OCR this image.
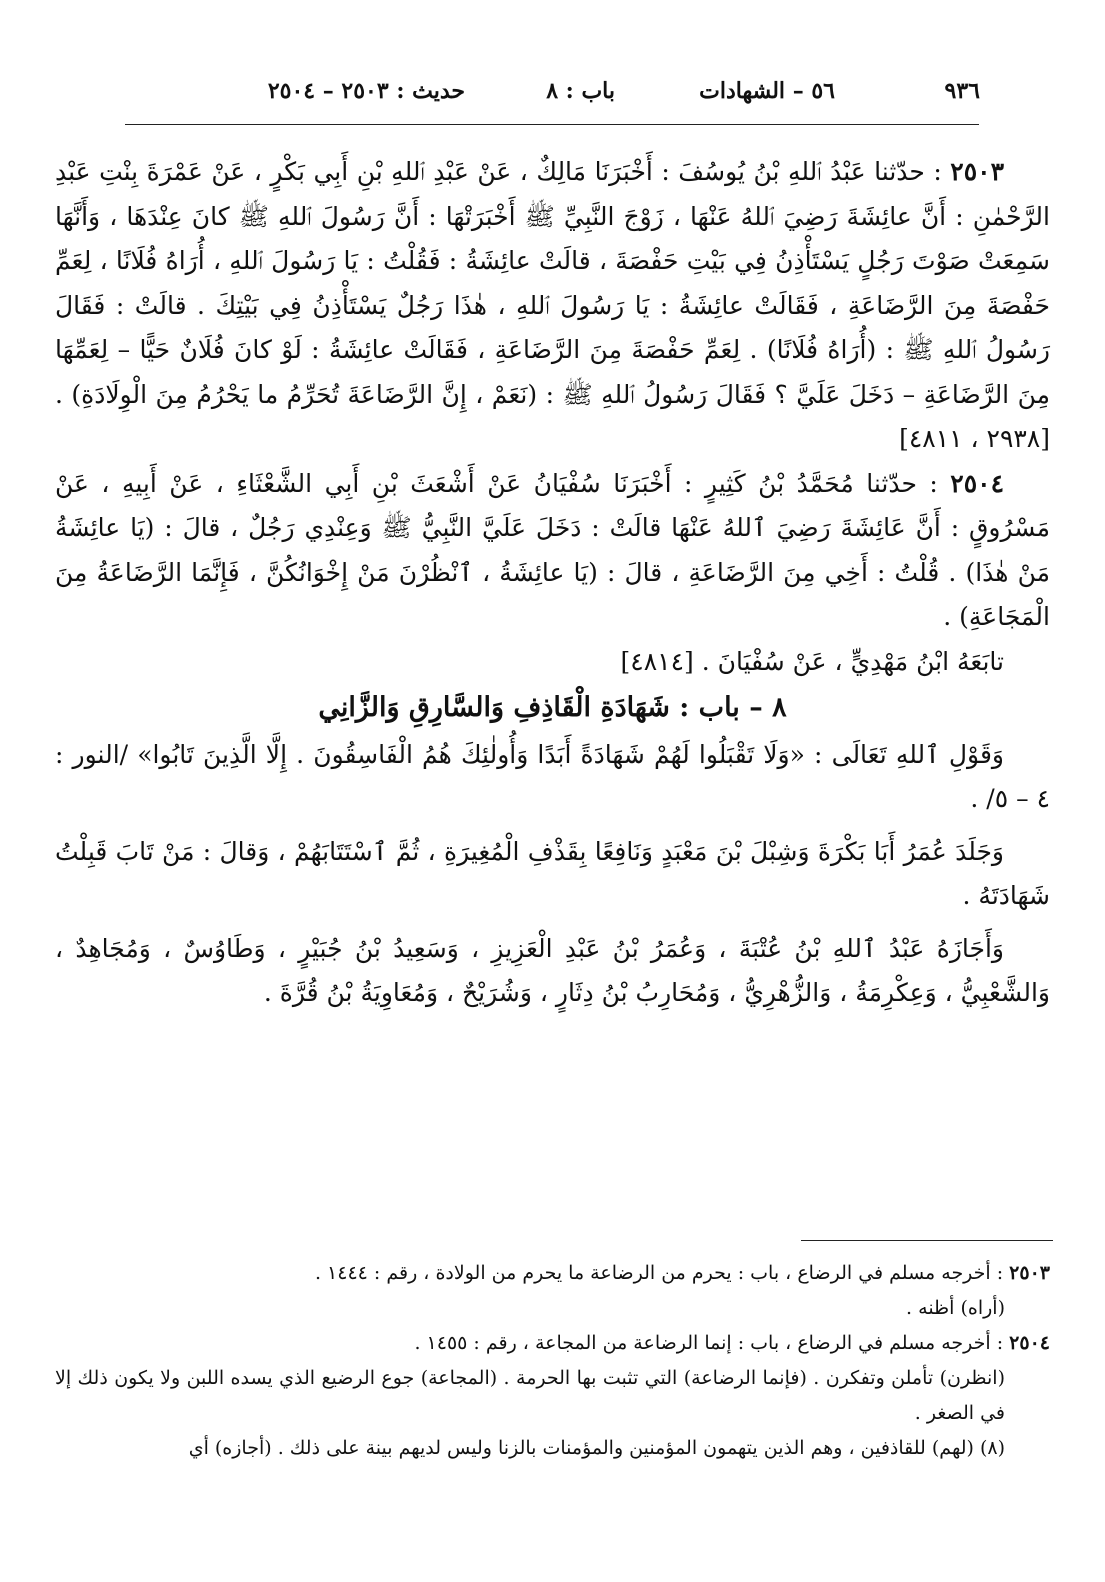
٩٣٦
٥٦ – الشهادات
باب : ٨
حديث : ٢٥٠٣ – ٢٥٠٤

٢٥٠٣ : حدّثنا عَبْدُ ٱللهِ بْنُ يُوسُفَ : أَخْبَرَنَا مَالِكٌ ، عَنْ عَبْدِ ٱللهِ بْنِ أَبِي بَكْرٍ ، عَنْ عَمْرَةَ بِنْتِ عَبْدِ الرَّحْمٰنِ : أَنَّ عائِشَةَ رَضِيَ ٱللهُ عَنْهَا ، زَوْجَ النَّبِيِّ ﷺ أَخْبَرَتْهَا : أَنَّ رَسُولَ ٱللهِ ﷺ كانَ عِنْدَهَا ، وَأَنَّهَا سَمِعَتْ صَوْتَ رَجُلٍ يَسْتَأْذِنُ فِي بَيْتِ حَفْصَةَ ، قالَتْ عائِشَةُ : فَقُلْتُ : يَا رَسُولَ ٱللهِ ، أُرَاهُ فُلَانًا ، لِعَمِّ حَفْصَةَ مِنَ الرَّضَاعَةِ ، فَقَالَتْ عائِشَةُ : يَا رَسُولَ ٱللهِ ، هٰذَا رَجُلٌ يَسْتَأْذِنُ فِي بَيْتِكَ . قالَتْ : فَقَالَ رَسُولُ ٱللهِ ﷺ : (أُرَاهُ فُلَانًا) . لِعَمِّ حَفْصَةَ مِنَ الرَّضَاعَةِ ، فَقَالَتْ عائِشَةُ : لَوْ كانَ فُلَانٌ حَيًّا – لِعَمِّهَا مِنَ الرَّضَاعَةِ – دَخَلَ عَلَيَّ ؟ فَقَالَ رَسُولُ ٱللهِ ﷺ : (نَعَمْ ، إِنَّ الرَّضَاعَةَ تُحَرِّمُ ما يَحْرُمُ مِنَ الْوِلَادَةِ) . [٢٩٣٨ ، ٤٨١١]

٢٥٠٤ : حدّثنا مُحَمَّدُ بْنُ كَثِيرٍ : أَخْبَرَنَا سُفْيَانُ عَنْ أَشْعَثَ بْنِ أَبِي الشَّعْثَاءِ ، عَنْ أَبِيهِ ، عَنْ مَسْرُوقٍ : أَنَّ عَائِشَةَ رَضِيَ ٱللهُ عَنْهَا قالَتْ : دَخَلَ عَلَيَّ النَّبِيُّ ﷺ وَعِنْدِي رَجُلٌ ، قالَ : (يَا عائِشَةُ مَنْ هٰذَا) . قُلْتُ : أَخِي مِنَ الرَّضَاعَةِ ، قالَ : (يَا عائِشَةُ ، ٱنْظُرْنَ مَنْ إِخْوَانُكُنَّ ، فَإِنَّمَا الرَّضَاعَةُ مِنَ الْمَجَاعَةِ) .

تابَعَهُ ابْنُ مَهْدِيٍّ ، عَنْ سُفْيَانَ . [٤٨١٤]

٨ – باب : شَهَادَةِ الْقَاذِفِ وَالسَّارِقِ وَالزَّانِي

وَقَوْلِ ٱللهِ تَعَالَى : «وَلَا تَقْبَلُوا لَهُمْ شَهَادَةً أَبَدًا وَأُولٰئِكَ هُمُ الْفَاسِقُونَ . إِلَّا الَّذِينَ تَابُوا» /النور : ٤ – ٥/ .

وَجَلَدَ عُمَرُ أَبَا بَكْرَةَ وَشِبْلَ بْنَ مَعْبَدٍ وَنَافِعًا بِقَذْفِ الْمُغِيرَةِ ، ثُمَّ ٱسْتَتَابَهُمْ ، وَقالَ : مَنْ تَابَ قَبِلْتُ شَهَادَتَهُ .

وَأَجَازَهُ عَبْدُ ٱللهِ بْنُ عُتْبَةَ ، وَعُمَرُ بْنُ عَبْدِ الْعَزِيزِ ، وَسَعِيدُ بْنُ جُبَيْرٍ ، وَطَاوُسٌ ، وَمُجَاهِدٌ ، وَالشَّعْبِيُّ ، وَعِكْرِمَةُ ، وَالزُّهْرِيُّ ، وَمُحَارِبُ بْنُ دِثَارٍ ، وَشُرَيْحٌ ، وَمُعَاوِيَةُ بْنُ قُرَّةَ .

٢٥٠٣ : أخرجه مسلم في الرضاع ، باب : يحرم من الرضاعة ما يحرم من الولادة ، رقم : ١٤٤٤ .

(أراه) أظنه .

٢٥٠٤ : أخرجه مسلم في الرضاع ، باب : إنما الرضاعة من المجاعة ، رقم : ١٤٥٥ .

(انظرن) تأملن وتفكرن . (فإنما الرضاعة) التي تثبت بها الحرمة . (المجاعة) جوع الرضيع الذي يسده اللبن ولا يكون ذلك إلا في الصغر .

(٨) (لهم) للقاذفين ، وهم الذين يتهمون المؤمنين والمؤمنات بالزنا وليس لديهم بينة على ذلك . (أجازه) أي
